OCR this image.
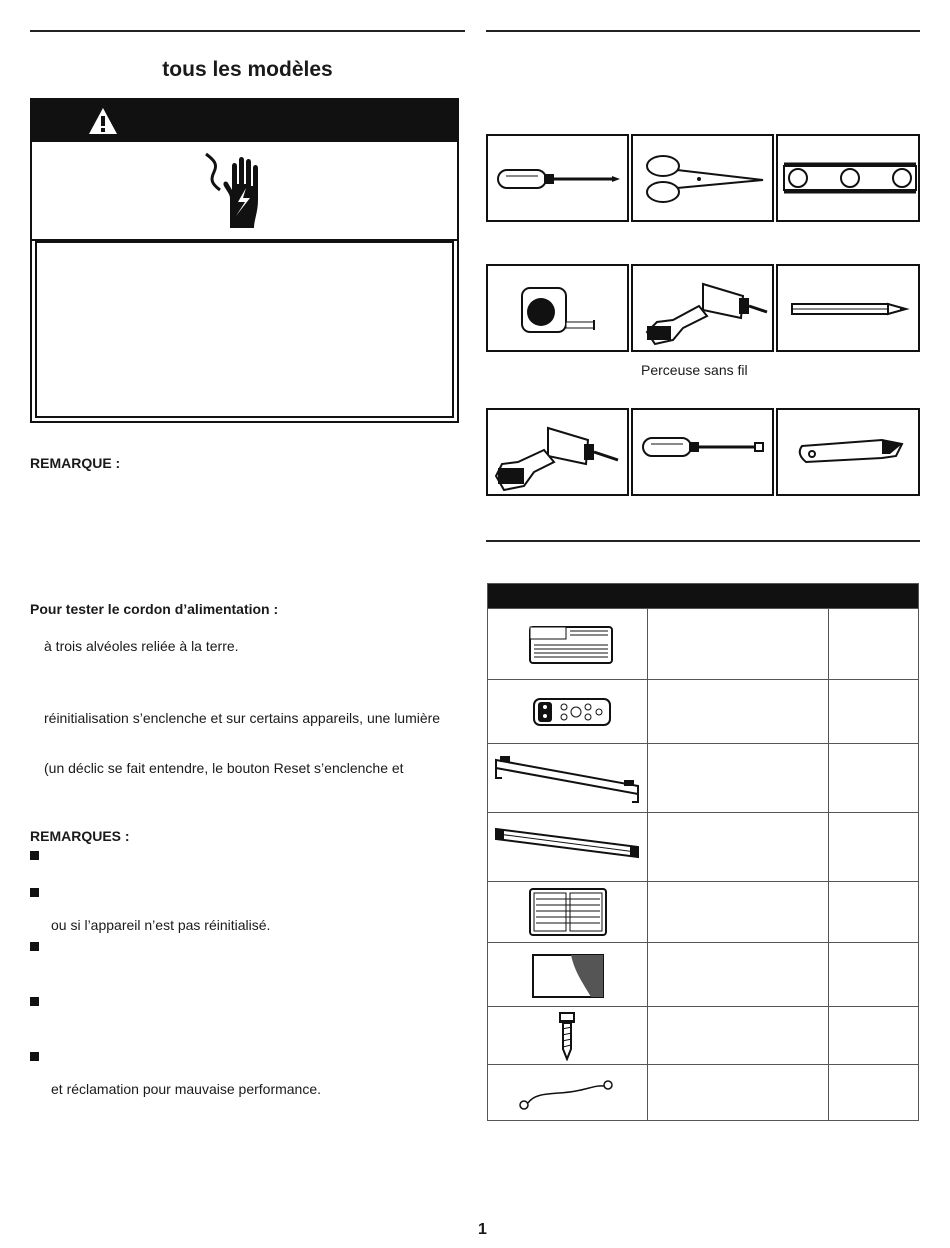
tous les modèles
REMARQUE :
Pour tester le cordon d’alimentation :
à trois alvéoles reliée à la terre.
réinitialisation s’enclenche et sur certains appareils, une lumière
(un déclic se fait entendre, le bouton Reset s’enclenche et
REMARQUES :
ou si l’appareil n’est pas réinitialisé.
et réclamation pour mauvaise performance.
Perceuse sans fil
1
